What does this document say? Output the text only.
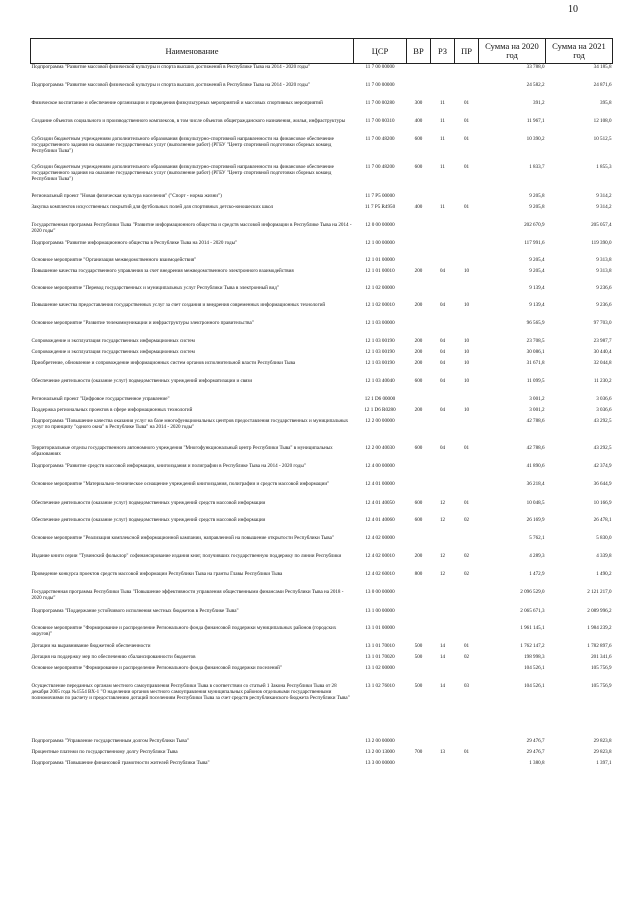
10
Наименование	ЦСР	ВР	РЗ	ПР	Сумма на 2020 год	Сумма на 2021 год
Подпрограмма "Развитие массовой физической культуры и спорта высших достижений в Республике Тыва на 2014 - 2020 годы"	11 7 00 00000				33 788,0	34 185,8
Подпрограмма "Развитие массовой физической культуры и спорта высших достижений в Республике Тыва на 2014 - 2020 годы"	11 7 00 00000				24 582,2	24 871,6
Физическое воспитание и обеспечение организации и проведения физкультурных мероприятий и массовых спортивных мероприятий	11 7 00 00280	300	11	01	391,2	395,8
Создание объектов социального и производственного комплексов, в том числе объектов общегражданского назначения, жилья, инфраструктуры	11 7 00 00310	400	11	01	11 967,1	12 108,0
Субсидии бюджетным учреждениям дополнительного образования физкультурно-спортивной направленности на финансовое обеспечение государственного задания на оказание государственных услуг (выполнение работ) (РГБУ "Центр спортивной подготовки сборных команд Республики Тыва")	11 7 00 48200	600	11	01	10 390,2	10 512,5
Субсидии бюджетным учреждениям дополнительного образования физкультурно-спортивной направленности на финансовое обеспечение государственного задания на оказание государственных услуг (выполнение работ) (РГБУ "Центр спортивной подготовки сборных команд Республики Тыва")	11 7 00 48200	600	11	01	1 833,7	1 855,3
Региональный проект "Новая физическая культура населения" ("Спорт - норма жизни")	11 7 P5 00000				9 205,8	9 314,2
Закупка комплектов искусственных покрытий для футбольных полей для спортивных детско-юношеских школ	11 7 P5 R4950	400	11	01	9 205,8	9 314,2
Государственная программа Республики Тыва "Развитие информационного общества и средств массовой информации в Республике Тыва на 2014 - 2020 годы"	12 0 00 00000				202 670,9	205 057,4
Подпрограмма "Развитие информационного общества в Республике Тыва на 2014 - 2020 годы"	12 1 00 00000				117 991,6	119 390,0
Основное мероприятие "Организация межведомственного взаимодействия"	12 1 01 00000				9 205,4	9 313,8
Повышение качества государственного управления за счет внедрения межведомственного электронного взаимодействия	12 1 01 00010	200	04	10	9 205,4	9 313,8
Основное мероприятие "Перевод государственных и муниципальных услуг Республики Тыва в электронный вид"	12 1 02 00000				9 139,4	9 236,6
Повышение качества предоставления государственных услуг за счет создания и внедрения современных информационных технологий	12 1 02 00010	200	04	10	9 139,4	9 236,6
Основное мероприятие "Развитие телекоммуникации и инфраструктуры электронного правительства"	12 1 03 00000				96 565,9	97 703,0
Сопровождение и эксплуатация государственных информационных систем	12 1 03 00190	200	04	10	23 708,5	23 987,7
Сопровождение и эксплуатация государственных информационных систем	12 1 03 00190	200	04	10	30 086,1	30 440,4
Приобретение, обновление и сопровождение информационных систем органов исполнительной власти Республики Тыва	12 1 03 00190	200	04	10	31 671,8	32 044,8
Обеспечение деятельности (оказание услуг) подведомственных учреждений информатизации и связи	12 1 03 40040	600	04	10	11 099,5	11 230,2
Региональный проект "Цифровое государственное управление"	12 1 D6 00000				3 001,2	3 036,6
Поддержка региональных проектов в сфере информационных технологий	12 1 D6 R0280	200	04	10	3 001,2	3 036,6
Подпрограмма "Повышение качества оказания услуг на базе многофункциональных центров предоставления государственных и муниципальных услуг по принципу "одного окна" в Республике Тыва" на 2014 - 2020 годы"	12 2 00 00000				42 788,6	43 292,5
Территориальные отделы государственного автономного учреждения "Многофункциональный центр Республики Тыва" в муниципальных образованиях	12 2 00 40030	600	04	01	42 788,6	43 292,5
Подпрограмма "Развитие средств массовой информации, книгоиздания и полиграфии в Республике Тыва на 2014 - 2020 годы"	12 4 00 00000				41 890,6	42 374,9
Основное мероприятие "Материально-техническое оснащение учреждений книгоиздания, полиграфии и средств массовой информации"	12 4 01 00000				36 218,4	36 644,9
Обеспечение деятельности (оказание услуг) подведомственных учреждений средств массовой информации	12 4 01 40050	600	12	01	10 048,5	10 166,9
Обеспечение деятельности (оказание услуг) подведомственных учреждений средств массовой информации	12 4 01 40060	600	12	02	26 169,9	26 478,1
Основное мероприятие "Реализация комплексной информационной кампании, направленной на повышение открытости Республики Тыва"	12 4 02 00000				5 762,1	5 830,0
Издание книги серии "Тувинский фольклор" софинансирование издания книг, получивших государственную поддержку по линии Республики	12 4 02 00010	200	12	02	4 289,3	4 339,8
Проведение конкурса проектов средств массовой информации Республики Тыва на гранты Главы Республики Тыва	12 4 02 60010	800	12	02	1 472,9	1 490,2
Государственная программа Республики Тыва "Повышение эффективности управления общественными финансами Республики Тыва на 2018 - 2020 годы"	13 0 00 00000				2 096 529,0	2 121 217,0
Подпрограмма "Поддержание устойчивого исполнения местных бюджетов в Республике Тыва"	13 1 00 00000				2 065 671,3	2 089 996,2
Основное мероприятие "Формирование и распределение Регионального фонда финансовой поддержки муниципальных районов (городских округов)"	13 1 01 00000				1 961 145,1	1 984 239,2
Дотации на выравнивание бюджетной обеспеченности	13 1 01 70010	500	14	01	1 762 147,2	1 782 897,6
Дотация на поддержку мер по обеспечению сбалансированности бюджетов	13 1 01 70020	500	14	02	198 998,3	201 341,6
Основное мероприятие "Формирование и распределение Регионального фонда финансовой поддержки поселений"	13 1 02 00000				104 526,1	105 756,9
Осуществление переданных органам местного самоуправления Республики Тыва в соответствии со статьей 1 Закона Республики Тыва от 28 декабря 2005 года №1554 ВХ-1 "О наделении органов местного самоуправления муниципальных районов отдельными государственными полномочиями по расчету и предоставлению дотаций поселениям Республики Тыва за счет средств республиканского бюджета Республики Тыва"	13 1 02 76010	500	14	03	104 526,1	105 756,9
Подпрограмма "Управление государственным долгом Республики Тыва"	13 2 00 00000				29 476,7	29 823,8
Процентные платежи по государственному долгу Республики Тыва	13 2 00 13000	700	13	01	29 476,7	29 823,8
Подпрограмма "Повышение финансовой грамотности жителей Республики Тыва"	13 3 00 00000				1 380,8	1 397,1
